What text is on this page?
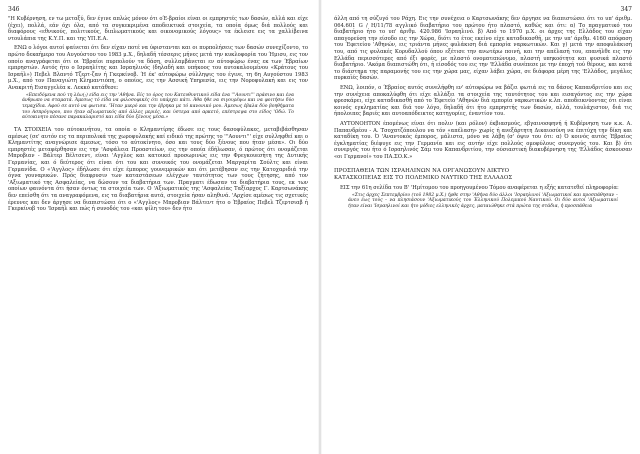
346

"Η Κυβέρνηση, εν τω μεταξύ, δεν έγινε απλώς μόνον ότι οΈ-βραίοι είναι οι εμπρηστές των δασών, αλλά και είχε (έχει), πολλά, εάν όχι όλα, από τα συγκεκριμένα αποδεικτικά στοιχεία, τα οποία όμως διά πολλούς και διαφόρους «εθνικούς, πολιτικούς, διπλωματικούς και οικονομικούς λόγους» τα έκλεισε εις τα χαλλίβεινα ντουλάπια της Κ.Υ.Π. και της ΥΠ.Ε.Α.

ΕΝΩ ο λόγοι αυτοί φαίνεται ότι δεν είχαν ποτέ να ύφιστανται και οι πυρπολήσεις των δασών συνεχίζοντο, το πρώτο δεκαήμερο του Αυγούστου του 1983 μ.Χ., δηλαδή τέσσερις μήνες μετά την κυκλοφορία του Ήμισυ, εις τον οποίο αναγράφεται ότι οι Έβραίοι πυρπολούν τα δάση, συλλαμβάνεται εν αύτοφώρω ένας εκ των Έβραίων εμπρηστών. Αυτός ήτο ο Ισραηλίτης και Ισραηλινός (δηλαδή και υπήκοος του αυτοκαλουμένου «Κράτους του Ισραήλ») Πεβελ Βλαντό Τζερτ-ζαν ή Γκερκίνοβ. Ή έκ' αύτοφώρω σύλληψις του έγινε, τη 6η Αυγούστου 1983 μ.Χ., από τον Παναγιώτη Κλημαντιόπη, ο οποίος, εις την Ασσική Υπηρεσία, εις την Νοροφυλακή και εις τον Ανακριτή Εισαγγελέα κ. Λεκκό κατάθεσε:

«Επειδόμενα πού τη λέω(;) είδα εις την 'Αθήνα. Είς το όρος του Κατευθυντικού είδα ένα '''Αουντι''' πράσινο και ένα άνθρωπο να σταματά. Άμεσως τό είδα να φιλοσοφικές ότι υπάρχει κάτι. Άθα ήθε να σιγουρέψω και να φοιτήσω δύο τεμαχίδια. Αφού σε αυτό να φωτισα. 'Ήταν μικρό και την έβρηκα με τό κανονικό μου. Άμεσως έβαλα δύο βοηθήματα του Ασπρόγυρου, που ήταν αξιωματικός από άλλες μεριές, και ύστερα από αρκετό, επέστρεψα στο είδος 'Οδώ. Το αύτοκινητο πέσανε παρακαλαριστό και είδα δύο ξένους μέσα.»

ΤΑ ΣΤΟΙΧΕΙΑ του αύτοκινήτου, τα οποία ο Κλημαντίρης έδωσε εις τους δασοφύλακες, μεταβιβάσθησαν αμέσως (σε' αυτόν εις τα περιπολικά της χωροφυλακής καί ειδικό της πρώτης το '''Αουντι''' είχε συλληφθεί και ο Κλημαντίτης αναγνώρισε άμεσως, τόσο το αύτοκίνητο, όσο και τους δύο ξένους που ήταν μέσα». Οι δύο εμπρηστές μεταφέρθησαν εις την 'Ασφάλεια Προαστείων, εις την οποία έδήλωσαν, ό πρώτος ότι ονομάζεται Μπροβιαν - Βάλτερ Βέλτσεντ, είναι 'Αγγλος και κατοικεί προσωρινώς εις την Φρεγκουεσήτη της Δυτικής Γερμανίας, και ό δεύτερος ότι είναι ότι του και συνοικός του ονομάζεται Μαργαρίτα Σούλτς και είναι Γερμανίδα. Ο «'Αγγλος» έδήλωσε ότι είχε έμπορος γουνεμρικών και ότι μετέβησαν εις την Κατοχαριδιά την όγνα γουναρικών. Πρός διαφρυσιν των καταστάσεων ελέγχων ταυτότητος των τους ζήτησης, από τον 'Αξιωματικό της Ασφαλείας, να δώσουν τα διαβατήρια των. Πραγματι έδωσαν τα διαβατήρια τους, εκ των οποίων φαινόντα ότι ήσαν όντως τα στοιχεία των. Ο 'Αξιωματικός της 'Ασφαλείας Ταξίαρχος Γ. Καρτσωνάκης δεν επείσθη ότι τα αναγραφόμενα, εις τα διαβατήρια αυτά, στοιχεία ήσαν αληθινά. 'Αρχίσε αμέσως τις σχετικές έρευνες και δεν άργησε να διαπιστώσει ότι ο «'Αγγλος» Μπροβιαν Βάλτεντ ήτο ο Έβραίος Πεβελ Τζερτσιαβ ή Γκερκίνοβ του 'Ισραήλ και πώς ή συνοδός του «και φίλη του» δεν ήτο

347

άλλη από τη σύζυγό του Ράχη. Εις την συνέχεια ο Καρτσωνάκης δεν άργησε να διαπιστώσει ότι το υπ' άριθμ. 064.601 G / H/11/78 αγγλικό διαβατήριο του πρώτου ήτο πλαστό, καθώς και ότι: α) Το πραγματικό του διαβατήριο ήτο το υπ' άριθμ. 420.986 'Ισραηλινό. β) Από το 1970 μ.Χ. οι άρχες της Ελλάδος του είχαν απαγορεύση την είσοδο εις την Χώρα, διότι το έτος εκείνο είχε καταδικασθή, με την υπ' άριθμ. 4160 απόφαση του Έφετείου 'Αθηνών, εις τριάντα μήνες φυλάκιση διά εμπορία ναρκωτικών. Και γ) μετά την αποφυλάκισή του, από τις φυλακές Κορυδαλλού όπου εξέτισε την ανωτέρω ποινή, και την απέλασή του, επανήλθε εις την Ελλάδα περισσότερες από έξι φορές, με πλαστό ονοματεπώνυμο, πλαστή υπηκοότητα και φυσικά πλαστό διαβατήριο. 'Ακόμα διαπιστώθη ότι, ή είσοδός του εις την 'Ελλάδα συνέπεσε με την έποχή τού θέρους, και κατά το διάστημα της παραμονής του εις την χώρα μας, είχαν λάβει χώρα, σε διάφορα μέρη της 'Ελλάδος, μεγάλες πυρκαϊές δασών.

ΕΝΩ, λοιπόν, ο Έβραίος αυτός συνελήφθη εν' αύτοφώρω να βάζει φωτιά εις τα δάσος Καπανδριτίου και εις την συνέχεια αποκαλύφθη ότι είχε αλλάξει τα στοιχεία της ταυτότητος του και εισαγόντος εις την χώρα φρεσκάρει, είχε καταδικασθή από το Έφετείο 'Αθηνών διά εμπορία ναρκωτικών κ.λπ. αποδεικνύοντας ότι είναι κοινός εγκληματίας και διά τον λόγο, δηλαδή ότι ήτο εμπρηστής των δασών, αλλά, τουλάχιστον, διά τις ήπολοιπες βαριές και αυτοαπόδεικτες κατηγορίες, έναντίον του.

ΑΥΤΟΝΟΗΤΟΝ έπομένως είναι ότι πολιν (και ρόλον) έκβιασμούς, εβγαινοσφηνή ή Κυβέρνηση των κ.κ. Α. Παπανδρέου - Α. Τσοχατζόπουλου να τόν «απέλαση» χωρίς ή ανεξάρτητη Δικαιοσύνη να έπιτύχη την δίκη και καταδίκη του. Ό 'Αναντοκός έμπορος, μάλιστα, μόνο να λάβη (σ' όψιν του ότι: α) Ό κοινός αυτός Έβραίος έγκληματίας διέφυγε εις την Γερμανία και εις αυτήν είχε πολλούς ομοφύλους συνεργούς του. Και β) ότι συνεργός του ήτο ό Ισραηλινός Σάμ του Καπανδριτίου, την ούσιαστική διακυβέρνηση της 'Ελλάδος άσκουσαν «οι Γερμανοί» του ΠΑ.ΣΟ.Κ.»

ΠΡΟΣΠΑΘΕΙΑ ΤΩΝ ΙΣΡΑΗΛΙΝΩΝ ΝΑ ΟΡΓΑΝΩΣΟΥΝ ΔΙΚΤΥΟ

ΚΑΤΑΣΚΟΠΕΙΑΣ ΕΙΣ ΤΟ ΠΟΛΕΜΙΚΟ ΝΑΥΤΙΚΟ ΤΗΣ ΕΛΛΑΔΟΣ

ΕΙΣ την 61η σελίδα του Β' 'Ημίτομου του προηγουμένου Τόμου αναφέρεται η εξής κατατεθεί πληροφορία:

«Στις άρχες Σεπτεμβρίου (τοῦ 1982 μ.Χ.) ήρθε στην 'Αθήνα δύο άλλοι 'Ισραηλινοί 'Αξιωματικοί και προσπάθησαν – άνευ έως τούς – να πλησιάσουν 'Αξιωματικούς του Έλληνικού Πολεμικού Ναυτικού. Οι δύο αυτοί 'Αξιωματικοί ήταν είναι 'Ισραηλινοί και ήτο μόδιες ελληνικές άρχες, ματαιώθηκε στά πρώτα της στάδια, ή προσπάθεια
